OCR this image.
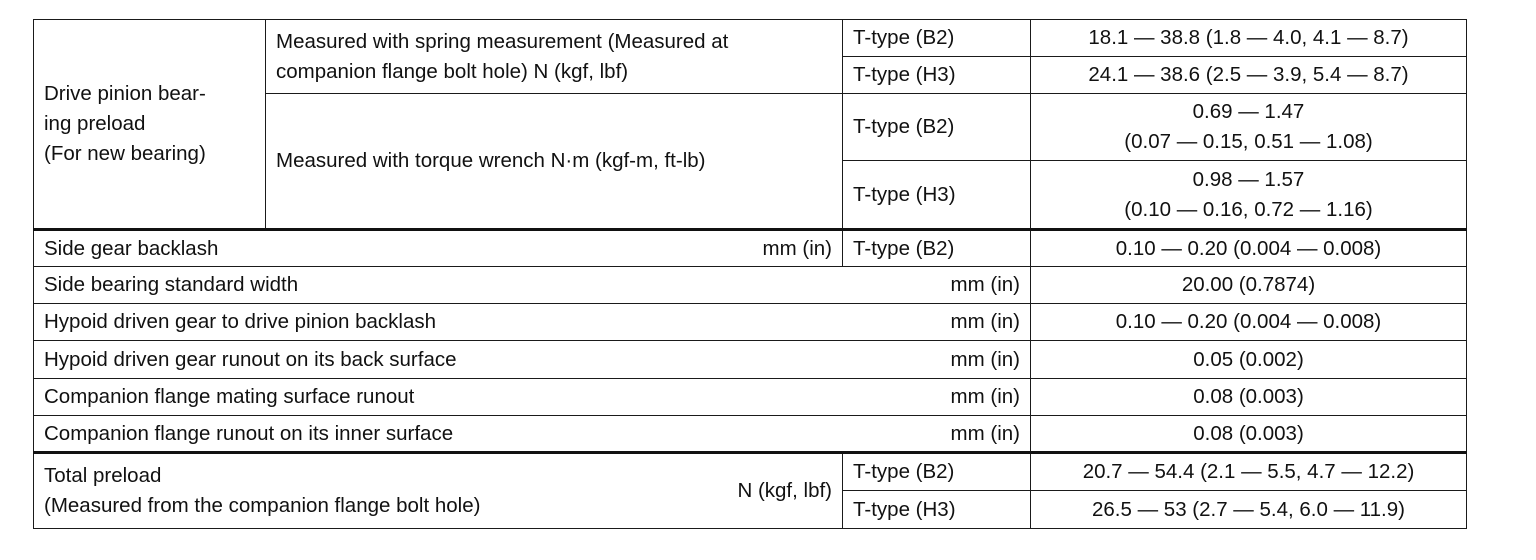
Drive pinion bear-
ing preload
(For new bearing)	Measured with spring measurement (Measured at
companion flange bolt hole) N (kgf, lbf)	T-type (B2)	18.1 — 38.8 (1.8 — 4.0, 4.1 — 8.7)
		T-type (H3)	24.1 — 38.6 (2.5 — 3.9, 5.4 — 8.7)
	Measured with torque wrench N·m (kgf-m, ft-lb)	T-type (B2)	0.69 — 1.47
(0.07 — 0.15, 0.51 — 1.08)

		T-type (H3)	0.98 — 1.57
(0.10 — 0.16, 0.72 — 1.16)

Side gear backlash mm (in)		T-type (B2)	0.10 — 0.20 (0.004 — 0.008)

Side bearing standard width mm (in)			20.00 (0.7874)

Hypoid driven gear to drive pinion backlash mm (in)			0.10 — 0.20 (0.004 — 0.008)

Hypoid driven gear runout on its back surface mm (in)			0.05 (0.002)

Companion flange mating surface runout mm (in)			0.08 (0.003)

Companion flange runout on its inner surface mm (in)			0.08 (0.003)

Total preload
(Measured from the companion flange bolt hole)
N (kgf, lbf)		T-type (B2)	20.7 — 54.4 (2.1 — 5.5, 4.7 — 12.2)
		T-type (H3)	26.5 — 53 (2.7 — 5.4, 6.0 — 11.9)
